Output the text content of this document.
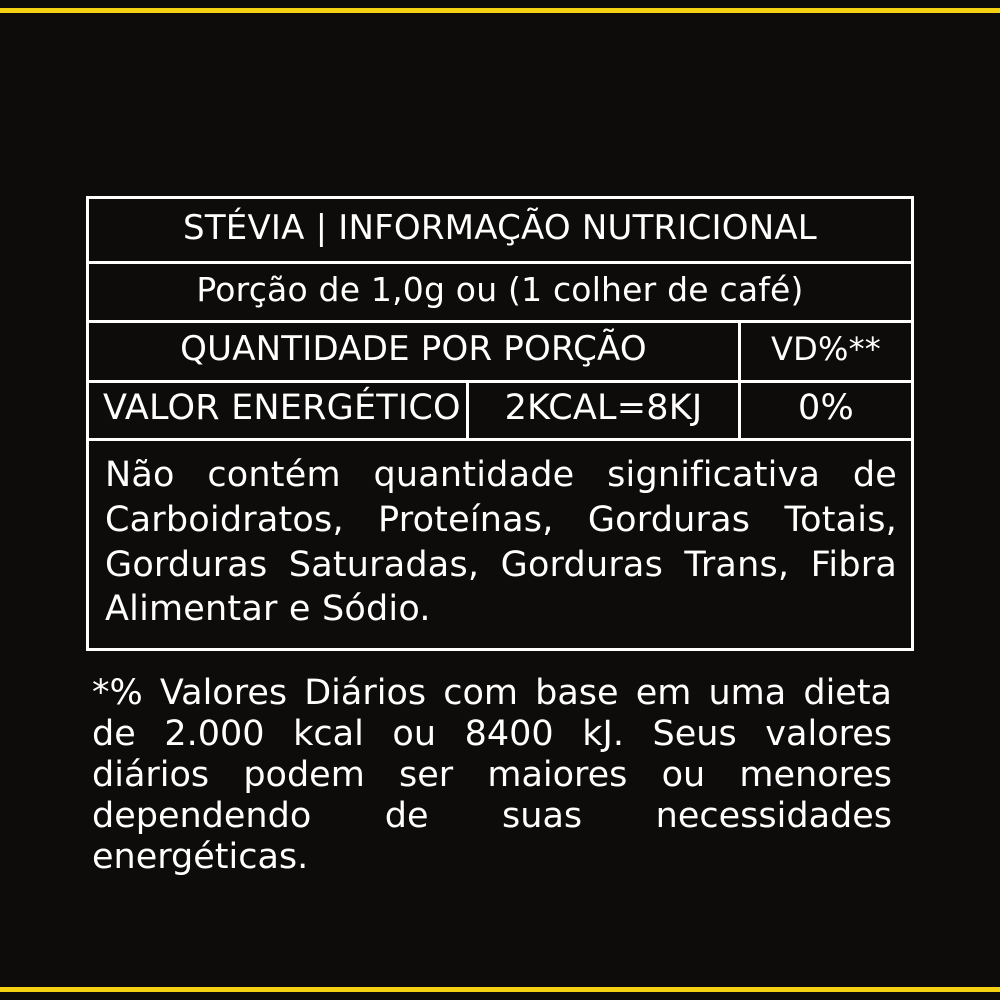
STÉVIA | INFORMAÇÃO NUTRICIONAL
Porção de 1,0g ou (1 colher de café)
QUANTIDADE POR PORÇÃO	VD%**
VALOR ENERGÉTICO	2KCAL=8KJ	0%
Não contém quantidade significativa de Carboidratos, Proteínas, Gorduras Totais, Gorduras Saturadas, Gorduras Trans, Fibra Alimentar e Sódio.
*% Valores Diários com base em uma dieta de 2.000 kcal ou 8400 kJ. Seus valores diários podem ser maiores ou menores dependendo de suas necessidades energéticas.
